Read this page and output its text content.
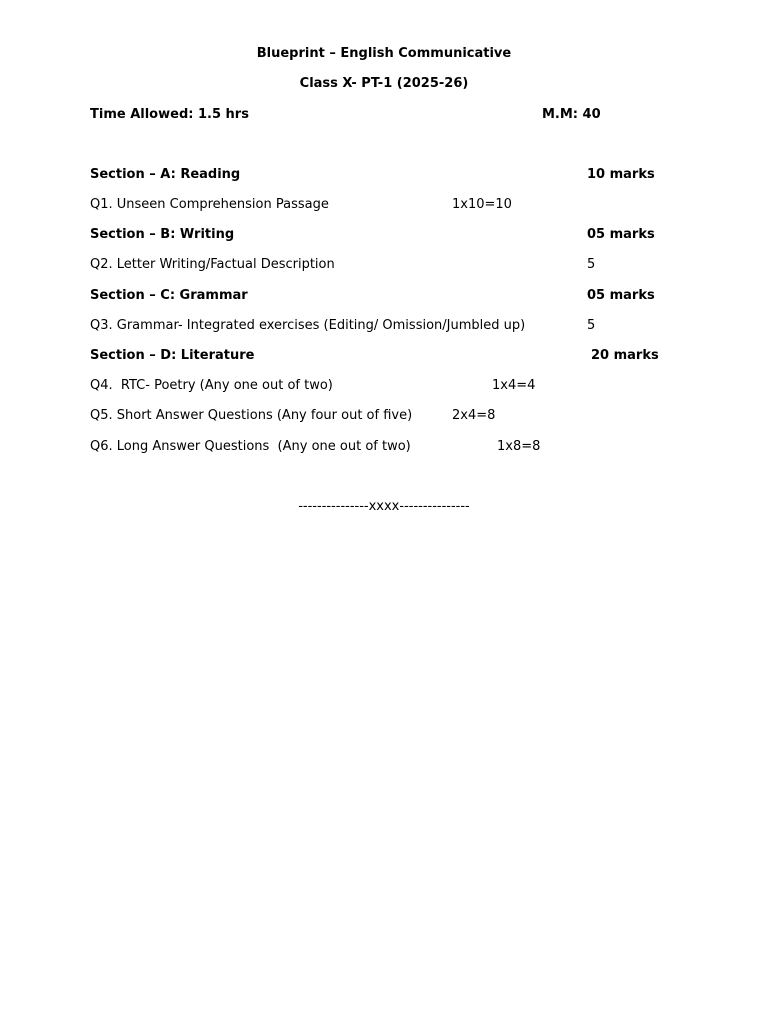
Blueprint – English Communicative
Class X- PT-1 (2025-26)
Time Allowed: 1.5 hrs	M.M: 40
Section – A: Reading	10 marks
Q1. Unseen Comprehension Passage	1x10=10
Section – B: Writing	05 marks
Q2. Letter Writing/Factual Description	5
Section – C: Grammar	05 marks
Q3. Grammar- Integrated exercises (Editing/ Omission/Jumbled up)	5
Section – D: Literature	20 marks
Q4.  RTC- Poetry (Any one out of two)	1x4=4
Q5. Short Answer Questions (Any four out of five)	2x4=8
Q6. Long Answer Questions  (Any one out of two)	1x8=8
---------------xxxx---------------
